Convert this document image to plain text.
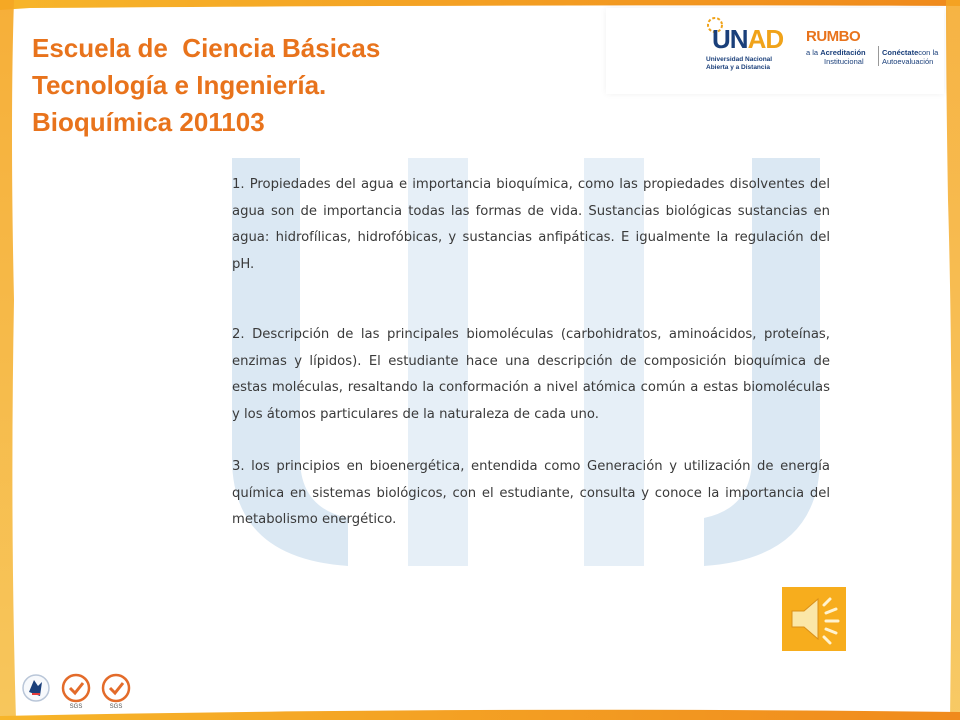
Escuela de  Ciencia Básicas
Tecnología e Ingeniería.
Bioquímica 201103
UNAD
Universidad Nacional
Abierta y a Distancia
RUMBO
a la Acreditación
Institucional
Conéctatecon la
Autoevaluación

1. Propiedades del agua e importancia bioquímica, como las propiedades disolventes del agua son de importancia todas las formas de vida. Sustancias biológicas sustancias en agua: hidrofílicas, hidrofóbicas, y sustancias anfipáticas. E igualmente la regulación del pH.

2. Descripción de las principales biomoléculas (carbohidratos, aminoácidos, proteínas, enzimas y lípidos). El estudiante hace una descripción de composición bioquímica de estas moléculas, resaltando la conformación a nivel atómica común a estas biomoléculas y los átomos particulares de la naturaleza de cada uno.

3. los principios en bioenergética, entendida como Generación y utilización de energía química en sistemas biológicos, con el estudiante, consulta y conoce la importancia del metabolismo energético.

SGS	SGS
